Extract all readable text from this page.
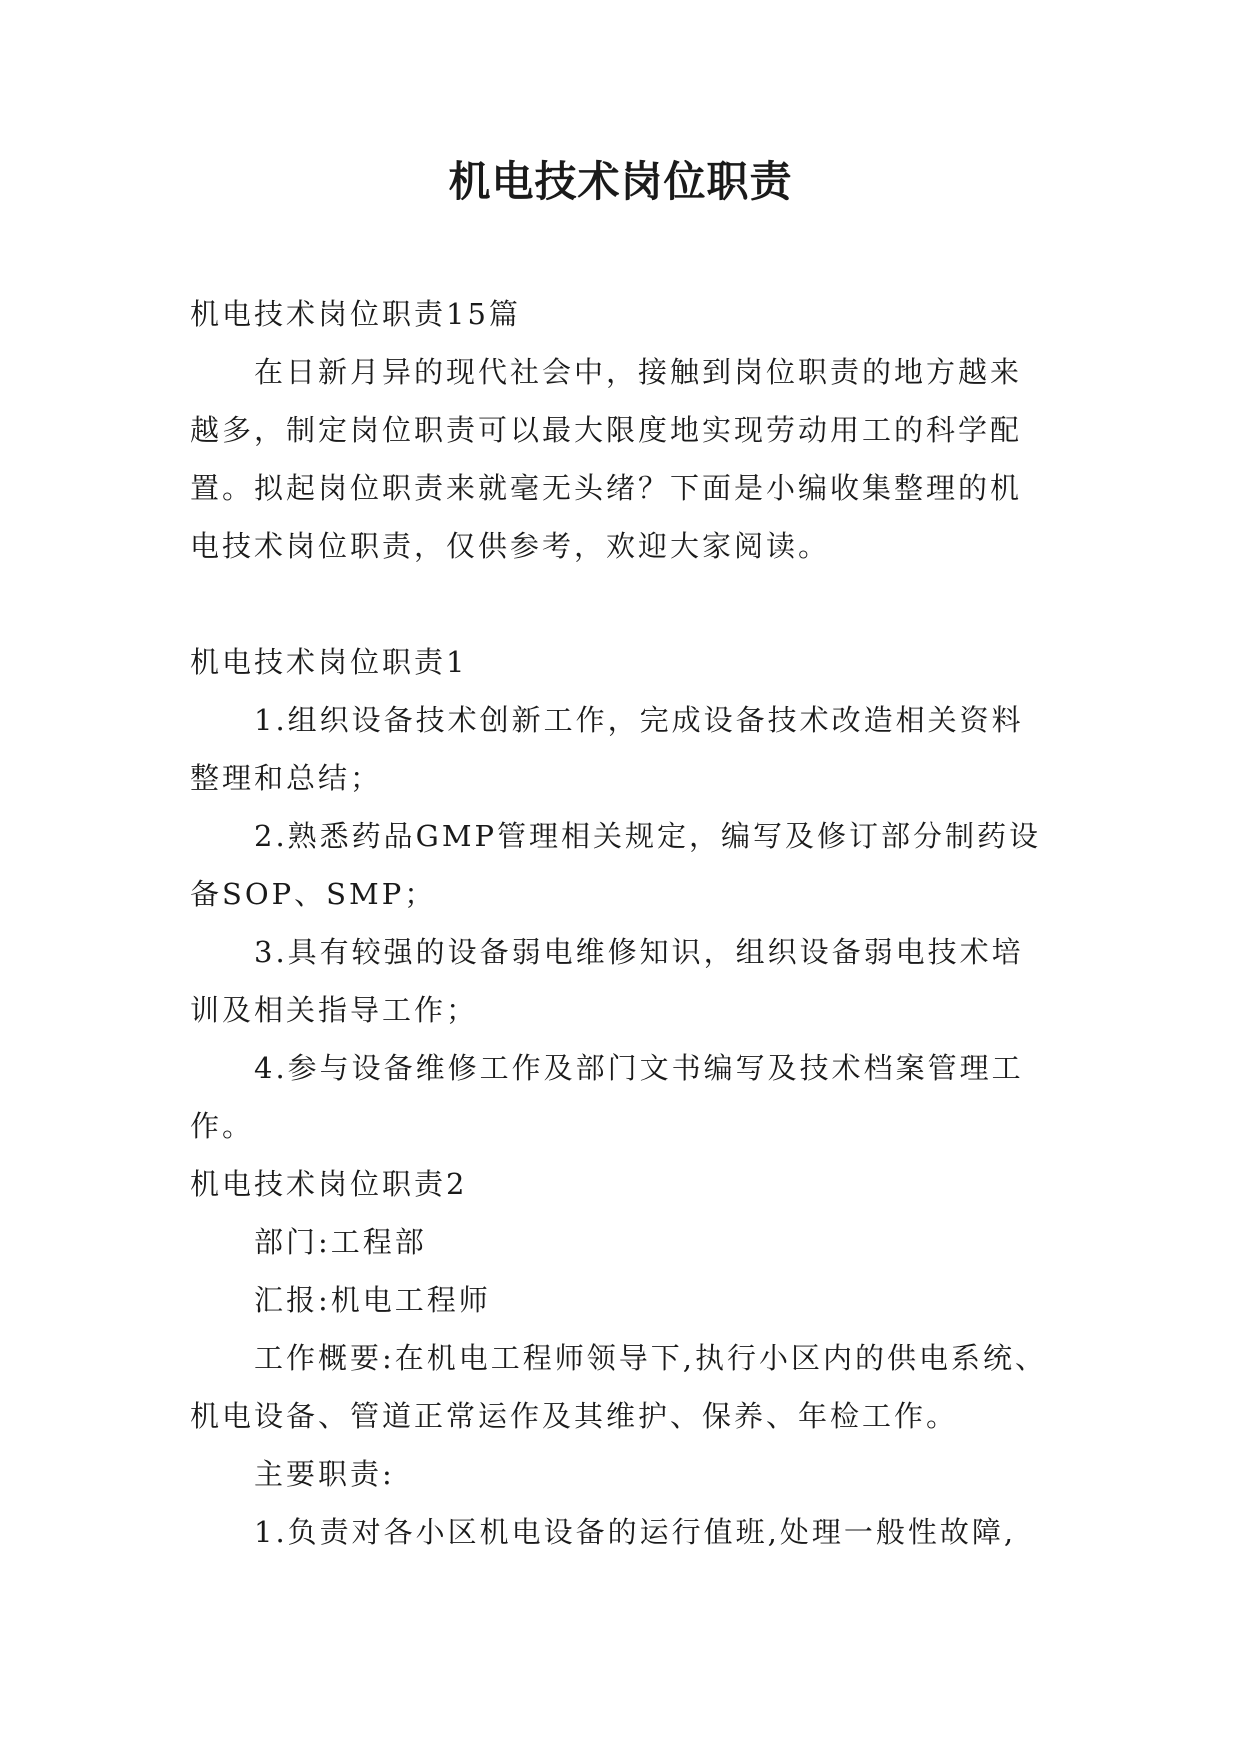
机电技术岗位职责

机电技术岗位职责15篇

在日新月异的现代社会中，接触到岗位职责的地方越来越多，制定岗位职责可以最大限度地实现劳动用工的科学配置。拟起岗位职责来就毫无头绪？下面是小编收集整理的机电技术岗位职责，仅供参考，欢迎大家阅读。

机电技术岗位职责1

1.组织设备技术创新工作，完成设备技术改造相关资料整理和总结；

2.熟悉药品GMP管理相关规定，编写及修订部分制药设备SOP、SMP；

3.具有较强的设备弱电维修知识，组织设备弱电技术培训及相关指导工作；

4.参与设备维修工作及部门文书编写及技术档案管理工作。

机电技术岗位职责2

部门:工程部

汇报:机电工程师

工作概要:在机电工程师领导下,执行小区内的供电系统、机电设备、管道正常运作及其维护、保养、年检工作。

主要职责:

1.负责对各小区机电设备的运行值班,处理一般性故障,
